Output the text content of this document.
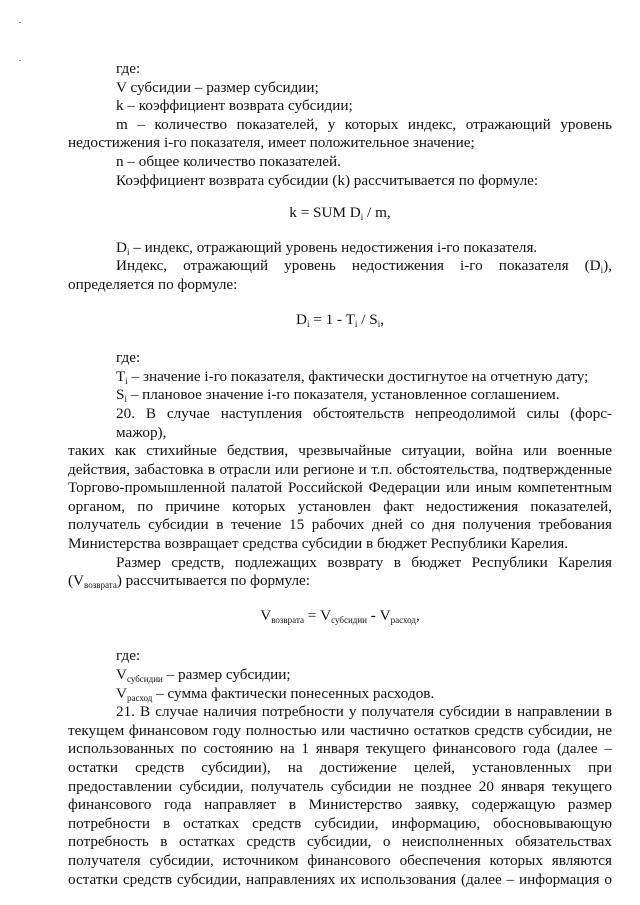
где:
V субсидии – размер субсидии;
k – коэффициент возврата субсидии;
m – количество показателей, у которых индекс, отражающий уровень
недостижения i-го показателя, имеет положительное значение;
n – общее количество показателей.
Коэффициент возврата субсидии (k) рассчитывается по формуле:
k = SUM $D_i$ / m,
$D_i$ – индекс, отражающий уровень недостижения i-го показателя.
Индекс, отражающий уровень недостижения i-го показателя $(D_i)$,
определяется по формуле:
$D_i = 1 - T_i / S_i$,
где:
$T_i$ – значение i-го показателя, фактически достигнутое на отчетную дату;
$S_i$ – плановое значение i-го показателя, установленное соглашением.
20. В случае наступления обстоятельств непреодолимой силы (форс-мажор),
таких как стихийные бедствия, чрезвычайные ситуации, война или военные
действия, забастовка в отрасли или регионе и т.п. обстоятельства, подтвержденные
Торгово-промышленной палатой Российской Федерации или иным компетентным
органом, по причине которых установлен факт недостижения показателей,
получатель субсидии в течение 15 рабочих дней со дня получения требования
Министерства возвращает средства субсидии в бюджет Республики Карелия.
Размер средств, подлежащих возврату в бюджет Республики Карелия
$(V_{возврата})$ рассчитывается по формуле:
$V_{возврата} = V_{субсидии} - V_{расход}$,
где:
$V_{субсидии}$ – размер субсидии;
$V_{расход}$ – сумма фактически понесенных расходов.
21. В случае наличия потребности у получателя субсидии в направлении в
текущем финансовом году полностью или частично остатков средств субсидии, не
использованных по состоянию на 1 января текущего финансового года (далее –
остатки средств субсидии), на достижение целей, установленных при
предоставлении субсидии, получатель субсидии не позднее 20 января текущего
финансового года направляет в Министерство заявку, содержащую размер
потребности в остатках средств субсидии, информацию, обосновывающую
потребность в остатках средств субсидии, о неисполненных обязательствах
получателя субсидии, источником финансового обеспечения которых являются
остатки средств субсидии, направлениях их использования (далее – информация о
